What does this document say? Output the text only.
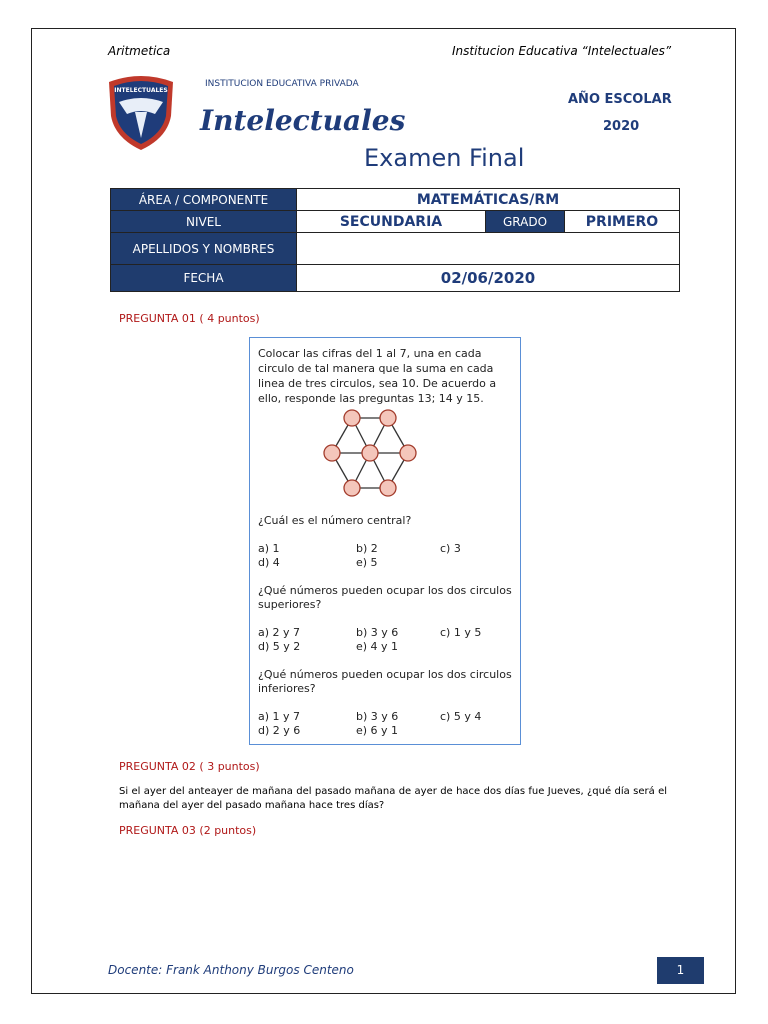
Aritmetica	Institucion Educativa “Intelectuales”
INTELECTUALES
INSTITUCION EDUCATIVA PRIVADA
Intelectuales
AÑO ESCOLAR
2020
Examen Final
ÁREA / COMPONENTE	MATEMÁTICAS/RM		
NIVEL	SECUNDARIA	GRADO	PRIMERO
APELLIDOS Y NOMBRES			
FECHA	02/06/2020		
PREGUNTA 01 ( 4 puntos)
Colocar las cifras del 1 al 7, una en cada circulo de tal manera que la suma en cada linea de tres circulos, sea 10. De acuerdo a ello, responde las preguntas 13; 14 y 15.
¿Cuál es el número central?
a) 1	b) 2	c) 3
d) 4	e) 5
¿Qué números pueden ocupar los dos circulos superiores?
a) 2 y 7	b) 3 y 6	c) 1 y 5
d) 5 y 2	e) 4 y 1
¿Qué números pueden ocupar los dos circulos inferiores?
a) 1 y 7	b) 3 y 6	c) 5 y 4
d) 2 y 6	e) 6 y 1
PREGUNTA 02 ( 3 puntos)
Si el ayer del anteayer de mañana del pasado mañana de ayer de hace dos días fue Jueves, ¿qué día será el mañana del ayer del pasado mañana hace tres días?
PREGUNTA 03 (2 puntos)
Docente: Frank Anthony Burgos Centeno	1
